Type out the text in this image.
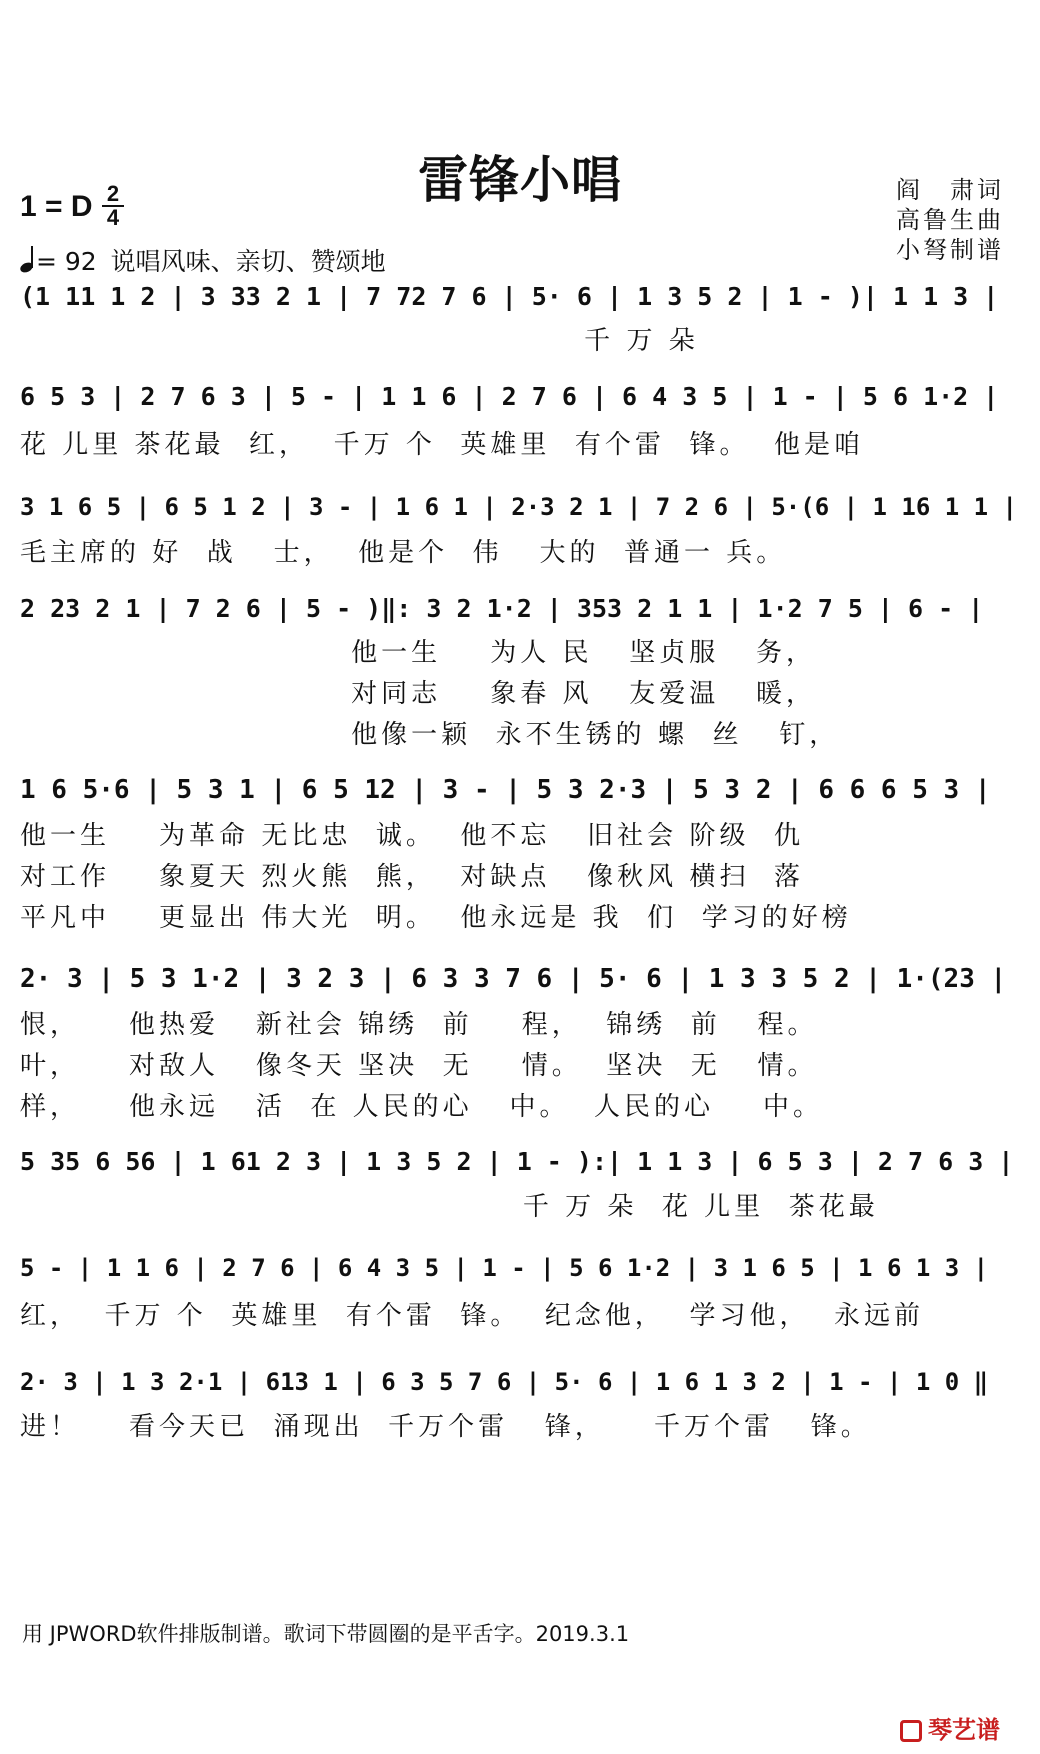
雷锋小唱
1 = D 2
4
= 92 说唱风味、亲切、赞颂地
阎　肃词
高鲁生曲
小弩制谱
(1 11 1 2 | 3 33 2 1 | 7 72 7 6 | 5· 6 | 1 3 5 2 | 1 - )| 1 1 3 |
千 万 朵
6 5 3 | 2 7 6 3 | 5 - | 1 1 6 | 2 7 6 | 6 4 3 5 | 1 - | 5 6 1·2 |
花 儿里 茶花最  红，  千万 个  英雄里  有个雷  锋。  他是咱
3 1 6 5 | 6 5 1 2 | 3 - | 1 6 1 | 2·3 2 1 | 7 2 6 | 5·(6 | 1 16 1 1 |
毛主席的 好  战   士，  他是个  伟   大的  普通一 兵。
2 23 2 1 | 7 2 6 | 5 - )‖: 3 2 1·2 | 353 2 1 1 | 1·2 7 5 | 6 - |
他一生    为人 民   坚贞服   务，
对同志    象春 风   友爱温   暖，
他像一颖  永不生锈的 螺  丝   钉，
1 6 5·6 | 5 3 1 | 6 5 12 | 3 - | 5 3 2·3 | 5 3 2 | 6 6 6 5 3 |
他一生    为革命 无比忠  诚。  他不忘   旧社会 阶级  仇
对工作    象夏天 烈火熊  熊，  对缺点   像秋风 横扫  落
平凡中    更显出 伟大光  明。  他永远是 我  们  学习的好榜
2· 3 | 5 3 1·2 | 3 2 3 | 6 3 3 7 6 | 5· 6 | 1 3 3 5 2 | 1·(23 |
恨，    他热爱   新社会 锦绣  前    程，  锦绣  前   程。
叶，    对敌人   像冬天 坚决  无    情。  坚决  无   情。
样，    他永远   活  在 人民的心   中。  人民的心    中。
5 35 6 56 | 1 61 2 3 | 1 3 5 2 | 1 - ):| 1 1 3 | 6 5 3 | 2 7 6 3 |
千 万 朵  花 儿里  茶花最
5 - | 1 1 6 | 2 7 6 | 6 4 3 5 | 1 - | 5 6 1·2 | 3 1 6 5 | 1 6 1 3 |
红，  千万 个  英雄里  有个雷  锋。  纪念他，  学习他，  永远前
2· 3 | 1 3 2·1 | 613 1 | 6 3 5 7 6 | 5· 6 | 1 6 1 3 2 | 1 - | 1 0 ‖
进！    看今天已  涌现出  千万个雷   锋，    千万个雷   锋。
用 JPWORD软件排版制谱。歌词下带圆圈的是平舌字。2019.3.1
琴艺谱
